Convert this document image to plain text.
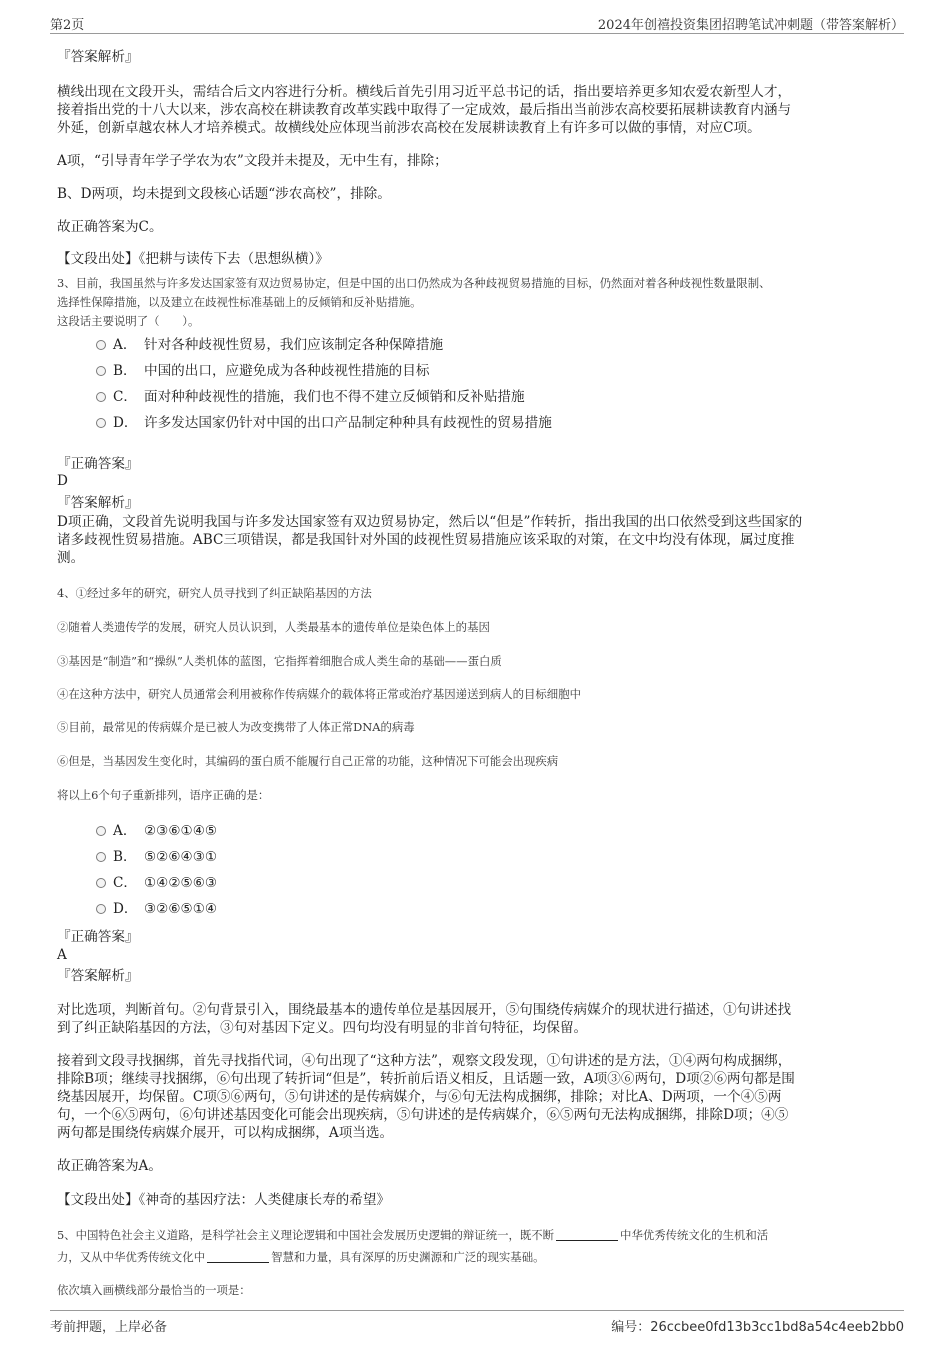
第2页	2024年创禧投资集团招聘笔试冲刺题（带答案解析）
『答案解析』
横线出现在文段开头，需结合后文内容进行分析。横线后首先引用习近平总书记的话，指出要培养更多知农爱农新型人才，
接着指出党的十八大以来，涉农高校在耕读教育改革实践中取得了一定成效，最后指出当前涉农高校要拓展耕读教育内涵与
外延，创新卓越农林人才培养模式。故横线处应体现当前涉农高校在发展耕读教育上有许多可以做的事情，对应C项。
A项，“引导青年学子学农为农”文段并未提及，无中生有，排除；
B、D两项，均未提到文段核心话题“涉农高校”，排除。
故正确答案为C。
【文段出处】《把耕与读传下去（思想纵横）》
3、目前，我国虽然与许多发达国家签有双边贸易协定，但是中国的出口仍然成为各种歧视贸易措施的目标，仍然面对着各种歧视性数量限制、
选择性保障措施，以及建立在歧视性标准基础上的反倾销和反补贴措施。
这段话主要说明了（　　）。
A． 针对各种歧视性贸易，我们应该制定各种保障措施
B． 中国的出口，应避免成为各种歧视性措施的目标
C． 面对种种歧视性的措施，我们也不得不建立反倾销和反补贴措施
D． 许多发达国家仍针对中国的出口产品制定种种具有歧视性的贸易措施
『正确答案』
D
『答案解析』
D项正确，文段首先说明我国与许多发达国家签有双边贸易协定，然后以“但是”作转折，指出我国的出口依然受到这些国家的
诸多歧视性贸易措施。ABC三项错误，都是我国针对外国的歧视性贸易措施应该采取的对策，在文中均没有体现，属过度推
测。
4、①经过多年的研究，研究人员寻找到了纠正缺陷基因的方法
②随着人类遗传学的发展，研究人员认识到，人类最基本的遗传单位是染色体上的基因
③基因是“制造”和“操纵”人类机体的蓝图，它指挥着细胞合成人类生命的基础——蛋白质
④在这种方法中，研究人员通常会利用被称作传病媒介的载体将正常或治疗基因递送到病人的目标细胞中
⑤目前，最常见的传病媒介是已被人为改变携带了人体正常DNA的病毒
⑥但是，当基因发生变化时，其编码的蛋白质不能履行自己正常的功能，这种情况下可能会出现疾病
将以上6个句子重新排列，语序正确的是：
A． ②③⑥①④⑤
B． ⑤②⑥④③①
C． ①④②⑤⑥③
D． ③②⑥⑤①④
『正确答案』
A
『答案解析』
对比选项，判断首句。②句背景引入，围绕最基本的遗传单位是基因展开，⑤句围绕传病媒介的现状进行描述，①句讲述找
到了纠正缺陷基因的方法，③句对基因下定义。四句均没有明显的非首句特征，均保留。
接着到文段寻找捆绑，首先寻找指代词，④句出现了“这种方法”，观察文段发现，①句讲述的是方法，①④两句构成捆绑，
排除B项；继续寻找捆绑，⑥句出现了转折词“但是”，转折前后语义相反，且话题一致，A项③⑥两句，D项②⑥两句都是围
绕基因展开，均保留。C项⑤⑥两句，⑤句讲述的是传病媒介，与⑥句无法构成捆绑，排除；对比A、D两项，一个④⑤两
句，一个⑥⑤两句，⑥句讲述基因变化可能会出现疾病，⑤句讲述的是传病媒介，⑥⑤两句无法构成捆绑，排除D项；④⑤
两句都是围绕传病媒介展开，可以构成捆绑，A项当选。
故正确答案为A。
【文段出处】《神奇的基因疗法：人类健康长寿的希望》
5、中国特色社会主义道路，是科学社会主义理论逻辑和中国社会发展历史逻辑的辩证统一，既不断	中华优秀传统文化的生机和活
力，又从中华优秀传统文化中	智慧和力量，具有深厚的历史渊源和广泛的现实基础。
依次填入画横线部分最恰当的一项是：
考前押题，上岸必备	编号：26ccbee0fd13b3cc1bd8a54c4eeb2bb0
